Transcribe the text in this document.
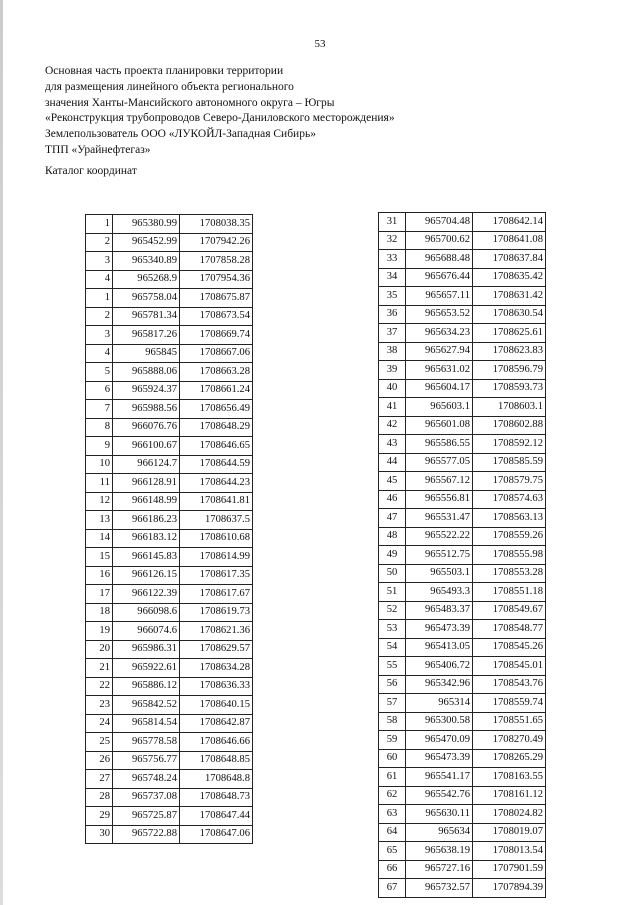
53
Основная часть проекта планировки территории
для размещения линейного объекта регионального
значения Ханты-Мансийского автономного округа – Югры
«Реконструкция трубопроводов Северо-Даниловского месторождения»
Землепользователь ООО «ЛУКОЙЛ-Западная Сибирь»
ТПП «Урайнефтегаз»
Каталог координат
1	965380.99	1708038.35
2	965452.99	1707942.26
3	965340.89	1707858.28
4	965268.9	1707954.36
1	965758.04	1708675.87
2	965781.34	1708673.54
3	965817.26	1708669.74
4	965845	1708667.06
5	965888.06	1708663.28
6	965924.37	1708661.24
7	965988.56	1708656.49
8	966076.76	1708648.29
9	966100.67	1708646.65
10	966124.7	1708644.59
11	966128.91	1708644.23
12	966148.99	1708641.81
13	966186.23	1708637.5
14	966183.12	1708610.68
15	966145.83	1708614.99
16	966126.15	1708617.35
17	966122.39	1708617.67
18	966098.6	1708619.73
19	966074.6	1708621.36
20	965986.31	1708629.57
21	965922.61	1708634.28
22	965886.12	1708636.33
23	965842.52	1708640.15
24	965814.54	1708642.87
25	965778.58	1708646.66
26	965756.77	1708648.85
27	965748.24	1708648.8
28	965737.08	1708648.73
29	965725.87	1708647.44
30	965722.88	1708647.06
31	965704.48	1708642.14
32	965700.62	1708641.08
33	965688.48	1708637.84
34	965676.44	1708635.42
35	965657.11	1708631.42
36	965653.52	1708630.54
37	965634.23	1708625.61
38	965627.94	1708623.83
39	965631.02	1708596.79
40	965604.17	1708593.73
41	965603.1	1708603.1
42	965601.08	1708602.88
43	965586.55	1708592.12
44	965577.05	1708585.59
45	965567.12	1708579.75
46	965556.81	1708574.63
47	965531.47	1708563.13
48	965522.22	1708559.26
49	965512.75	1708555.98
50	965503.1	1708553.28
51	965493.3	1708551.18
52	965483.37	1708549.67
53	965473.39	1708548.77
54	965413.05	1708545.26
55	965406.72	1708545.01
56	965342.96	1708543.76
57	965314	1708559.74
58	965300.58	1708551.65
59	965470.09	1708270.49
60	965473.39	1708265.29
61	965541.17	1708163.55
62	965542.76	1708161.12
63	965630.11	1708024.82
64	965634	1708019.07
65	965638.19	1708013.54
66	965727.16	1707901.59
67	965732.57	1707894.39
